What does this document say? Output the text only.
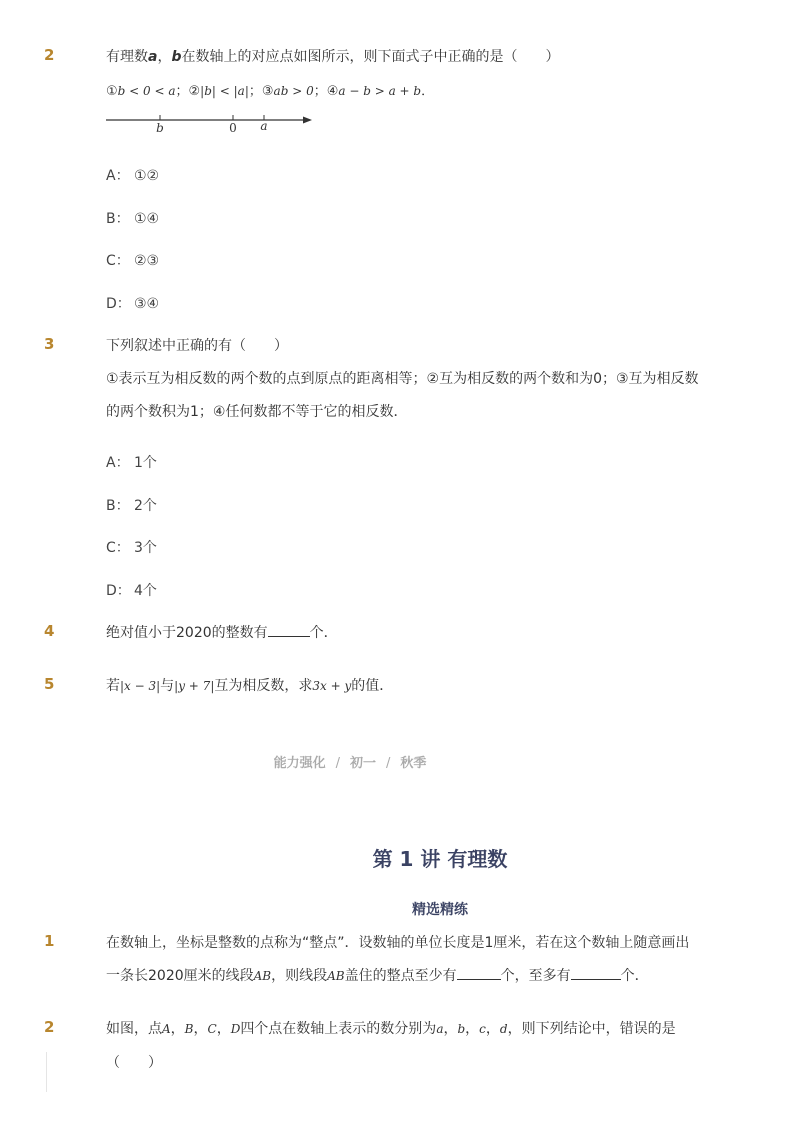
2	有理数a，b在数轴上的对应点如图所示，则下面式子中正确的是（　　）
①b < 0 < a；②|b| < |a|；③ab > 0；④a − b > a + b．
b	0 a
A： ①②
B： ①④
C： ②③
D： ③④
3	下列叙述中正确的有（　　）
①表示互为相反数的两个数的点到原点的距离相等；②互为相反数的两个数和为0；③互为相反数
的两个数积为1；④任何数都不等于它的相反数．
A： 1个
B： 2个
C： 3个
D： 4个
4	绝对值小于2020的整数有	个．
5	若|x − 3|与|y + 7|互为相反数，求3x + y的值．
能力强化 / 初一 / 秋季
第 1 讲 有理数
精选精练
1	在数轴上，坐标是整数的点称为“整点”．设数轴的单位长度是1厘米，若在这个数轴上随意画出
一条长2020厘米的线段AB，则线段AB盖住的整点至少有	个，至多有	个．
2	如图，点A，B，C，D四个点在数轴上表示的数分别为a，b，c，d，则下列结论中，错误的是
（　　）
